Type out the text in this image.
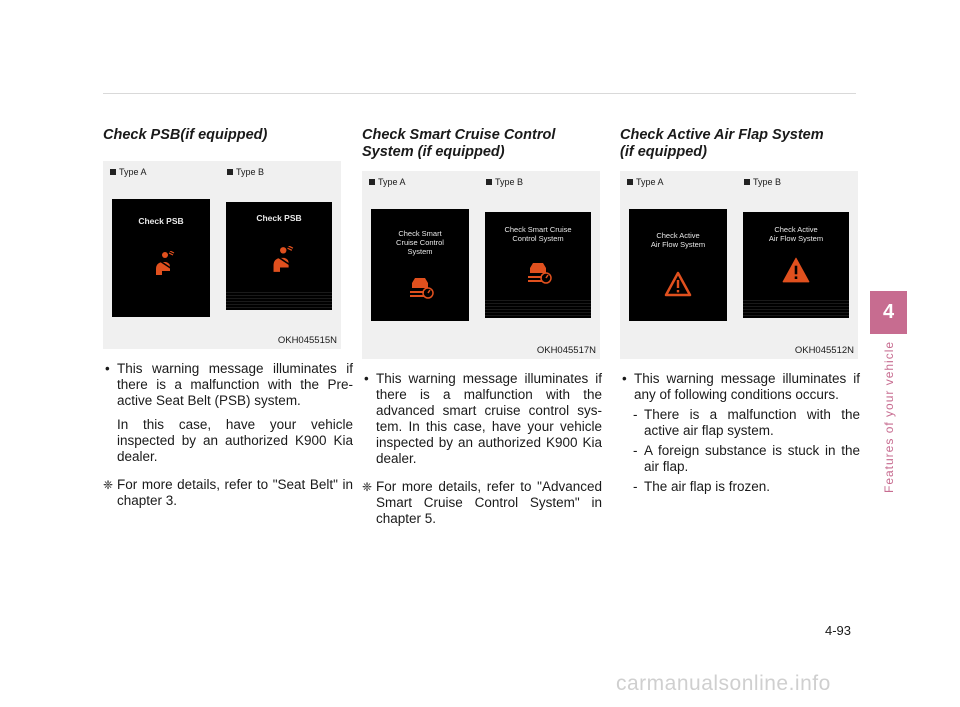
Check PSB(if equipped)
Type A	Type B
Check PSB	Check PSB
OKH045515N
• This warning message illuminates if there is a malfunction with the Pre-active Seat Belt (PSB) system.
In this case, have your vehicle inspected by an authorized K900 Kia dealer.
❈ For more details, refer to "Seat Belt" in chapter 3.
Check Smart Cruise Control
System (if equipped)
Type A	Type B
Check Smart
Cruise Control
System
Check Smart Cruise
Control System
OKH045517N
• This warning message illuminates if there is a malfunction with the advanced smart cruise control sys-tem. In this case, have your vehicle inspected by an authorized K900 Kia dealer.
❈ For more details, refer to "Advanced Smart Cruise Control System" in chapter 5.
Check Active Air Flap System
(if equipped)
Type A	Type B
Check Active
Air Flow System
Check Active
Air Flow System
OKH045512N
• This warning message illuminates if any of following conditions occurs.
- There is a malfunction with the active air flap system.
- A foreign substance is stuck in the air flap.
- The air flap is frozen.
4
Features of your vehicle
4-93
carmanualsonline.info
